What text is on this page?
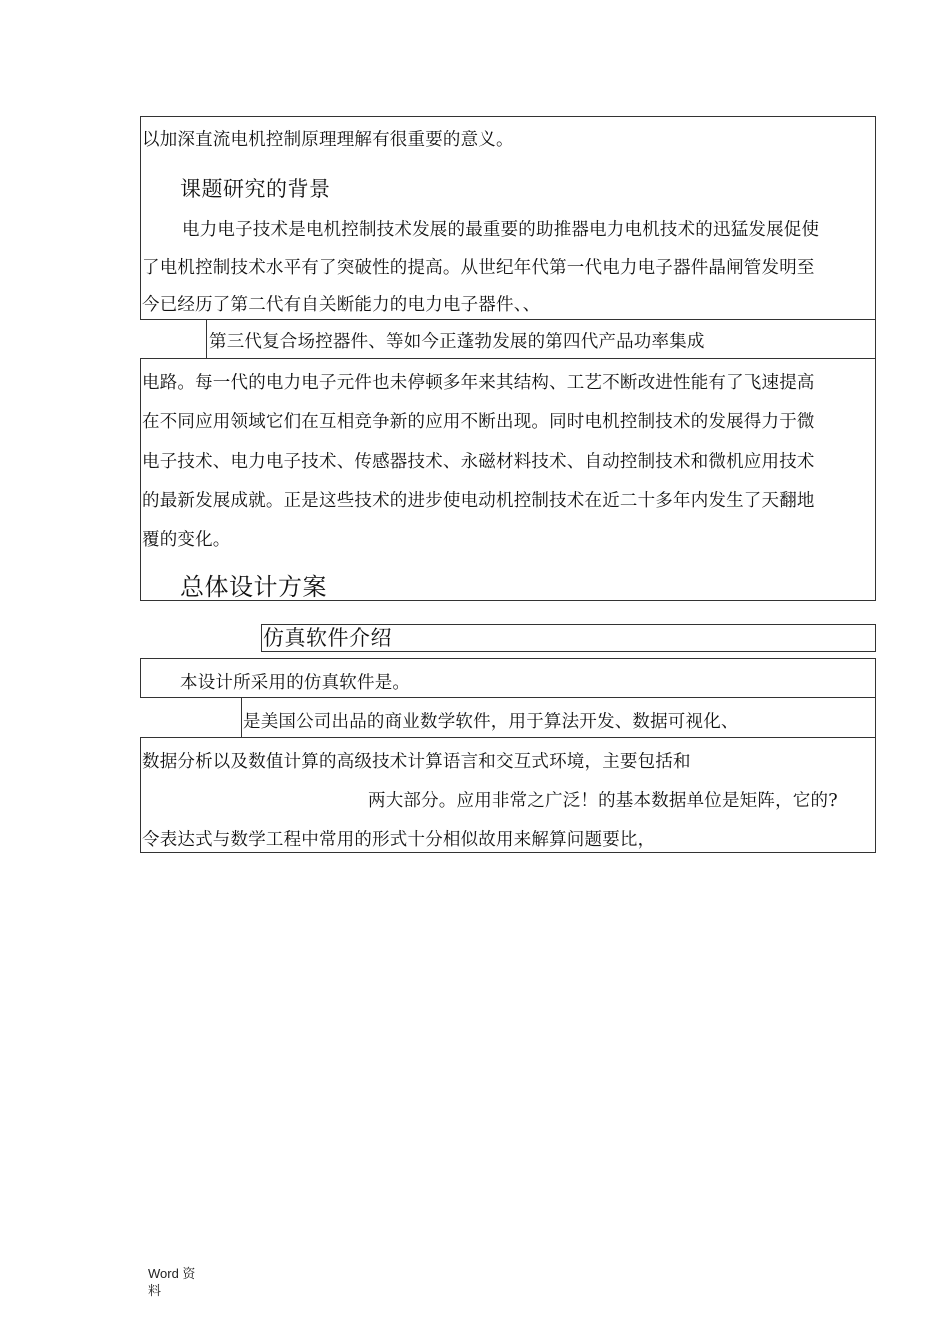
以加深直流电机控制原理理解有很重要的意义。
课题研究的背景
电力电子技术是电机控制技术发展的最重要的助推器电力电机技术的迅猛发展促使
了电机控制技术水平有了突破性的提高。从世纪年代第一代电力电子器件晶闸管发明至
今已经历了第二代有自关断能力的电力电子器件、、
第三代复合场控器件、等如今正蓬勃发展的第四代产品功率集成
电路。每一代的电力电子元件也未停顿多年来其结构、工艺不断改进性能有了飞速提高
在不同应用领域它们在互相竞争新的应用不断出现。同时电机控制技术的发展得力于微
电子技术、电力电子技术、传感器技术、永磁材料技术、自动控制技术和微机应用技术
的最新发展成就。正是这些技术的进步使电动机控制技术在近二十多年内发生了天翻地
覆的变化。
总体设计方案
仿真软件介绍
本设计所采用的仿真软件是。
是美国公司出品的商业数学软件，用于算法开发、数据可视化、
数据分析以及数值计算的高级技术计算语言和交互式环境，主要包括和
两大部分。应用非常之广泛！的基本数据单位是矩阵，它的?
令表达式与数学工程中常用的形式十分相似故用来解算问题要比，
Word 资
料
